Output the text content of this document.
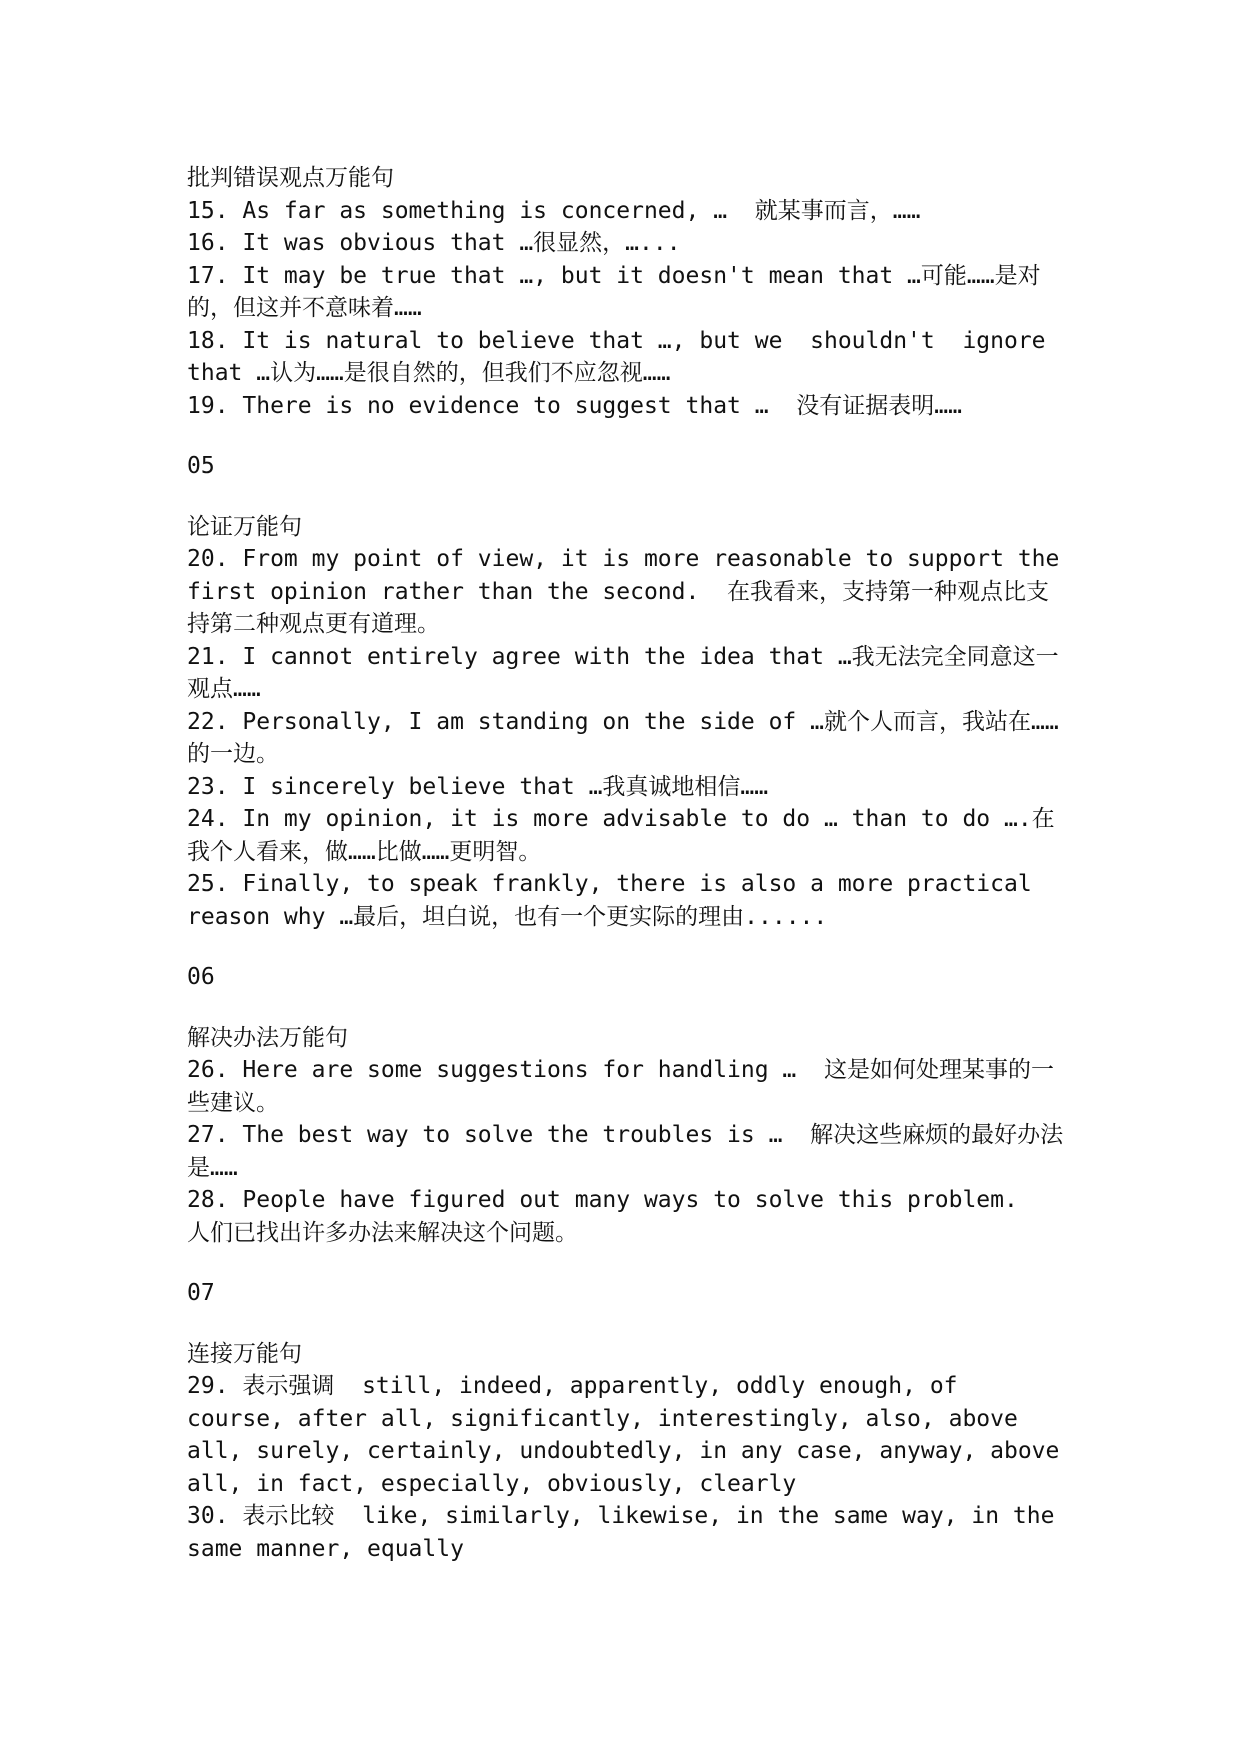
批判错误观点万能句
15. As far as something is concerned, …  就某事而言，……
16. It was obvious that …很显然，…...
17. It may be true that …, but it doesn't mean that …可能……是对的，但这并不意味着……
18. It is natural to believe that …, but we  shouldn't  ignore that …认为……是很自然的，但我们不应忽视……
19. There is no evidence to suggest that …  没有证据表明……
05
论证万能句
20. From my point of view, it is more reasonable to support the first opinion rather than the second.  在我看来，支持第一种观点比支持第二种观点更有道理。
21. I cannot entirely agree with the idea that …我无法完全同意这一观点……
22. Personally, I am standing on the side of …就个人而言，我站在……的一边。
23. I sincerely believe that …我真诚地相信……
24. In my opinion, it is more advisable to do … than to do ….在我个人看来，做……比做……更明智。
25. Finally, to speak frankly, there is also a more practical reason why …最后，坦白说，也有一个更实际的理由......
06
解决办法万能句
26. Here are some suggestions for handling …  这是如何处理某事的一些建议。
27. The best way to solve the troubles is …  解决这些麻烦的最好办法是……
28. People have figured out many ways to solve this problem.  人们已找出许多办法来解决这个问题。
07
连接万能句
29. 表示强调  still, indeed, apparently, oddly enough, of course, after all, significantly, interestingly, also, above all, surely, certainly, undoubtedly, in any case, anyway, above all, in fact, especially, obviously, clearly
30. 表示比较  like, similarly, likewise, in the same way, in the same manner, equally
